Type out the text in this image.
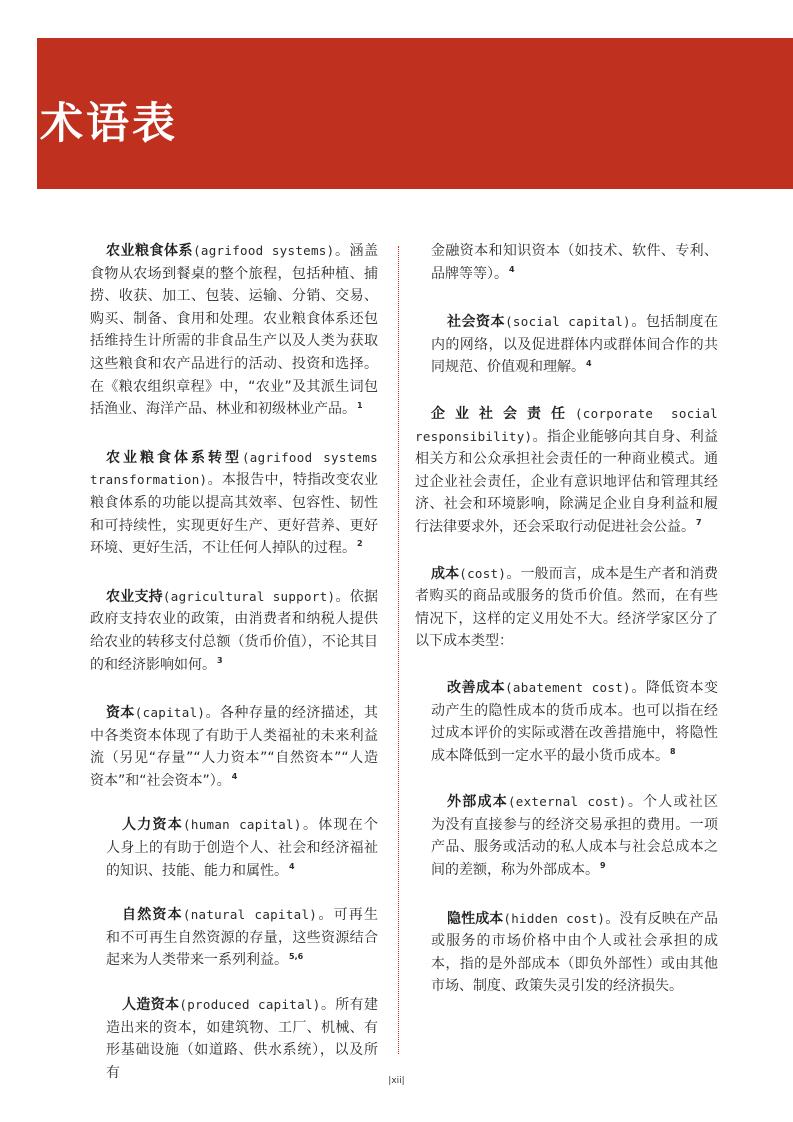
术语表

农业粮食体系(agrifood systems)。涵盖食物从农场到餐桌的整个旅程，包括种植、捕捞、收获、加工、包装、运输、分销、交易、购买、制备、食用和处理。农业粮食体系还包括维持生计所需的非食品生产以及人类为获取这些粮食和农产品进行的活动、投资和选择。在《粮农组织章程》中，“农业”及其派生词包括渔业、海洋产品、林业和初级林业产品。$^1$

农业粮食体系转型(agrifood systems transformation)。本报告中，特指改变农业粮食体系的功能以提高其效率、包容性、韧性和可持续性，实现更好生产、更好营养、更好环境、更好生活，不让任何人掉队的过程。$^2$

农业支持(agricultural support)。依据政府支持农业的政策，由消费者和纳税人提供给农业的转移支付总额（货币价值），不论其目的和经济影响如何。$^3$

资本(capital)。各种存量的经济描述，其中各类资本体现了有助于人类福祉的未来利益流（另见“存量”“人力资本”“自然资本”“人造资本”和“社会资本”）。$^4$

人力资本(human capital)。体现在个人身上的有助于创造个人、社会和经济福祉的知识、技能、能力和属性。$^4$

自然资本(natural capital)。可再生和不可再生自然资源的存量，这些资源结合起来为人类带来一系列利益。$^{5,6}$

人造资本(produced capital)。所有建造出来的资本，如建筑物、工厂、机械、有形基础设施（如道路、供水系统），以及所有

金融资本和知识资本（如技术、软件、专利、品牌等等）。$^4$

社会资本(social capital)。包括制度在内的网络，以及促进群体内或群体间合作的共同规范、价值观和理解。$^4$

企业社会责任(corporate social responsibility)。指企业能够向其自身、利益相关方和公众承担社会责任的一种商业模式。通过企业社会责任，企业有意识地评估和管理其经济、社会和环境影响，除满足企业自身利益和履行法律要求外，还会采取行动促进社会公益。$^7$

成本(cost)。一般而言，成本是生产者和消费者购买的商品或服务的货币价值。然而，在有些情况下，这样的定义用处不大。经济学家区分了以下成本类型：

改善成本(abatement cost)。降低资本变动产生的隐性成本的货币成本。也可以指在经过成本评价的实际或潜在改善措施中，将隐性成本降低到一定水平的最小货币成本。$^8$

外部成本(external cost)。个人或社区为没有直接参与的经济交易承担的费用。一项产品、服务或活动的私人成本与社会总成本之间的差额，称为外部成本。$^9$

隐性成本(hidden cost)。没有反映在产品或服务的市场价格中由个人或社会承担的成本，指的是外部成本（即负外部性）或由其他市场、制度、政策失灵引发的经济损失。

|xii|
